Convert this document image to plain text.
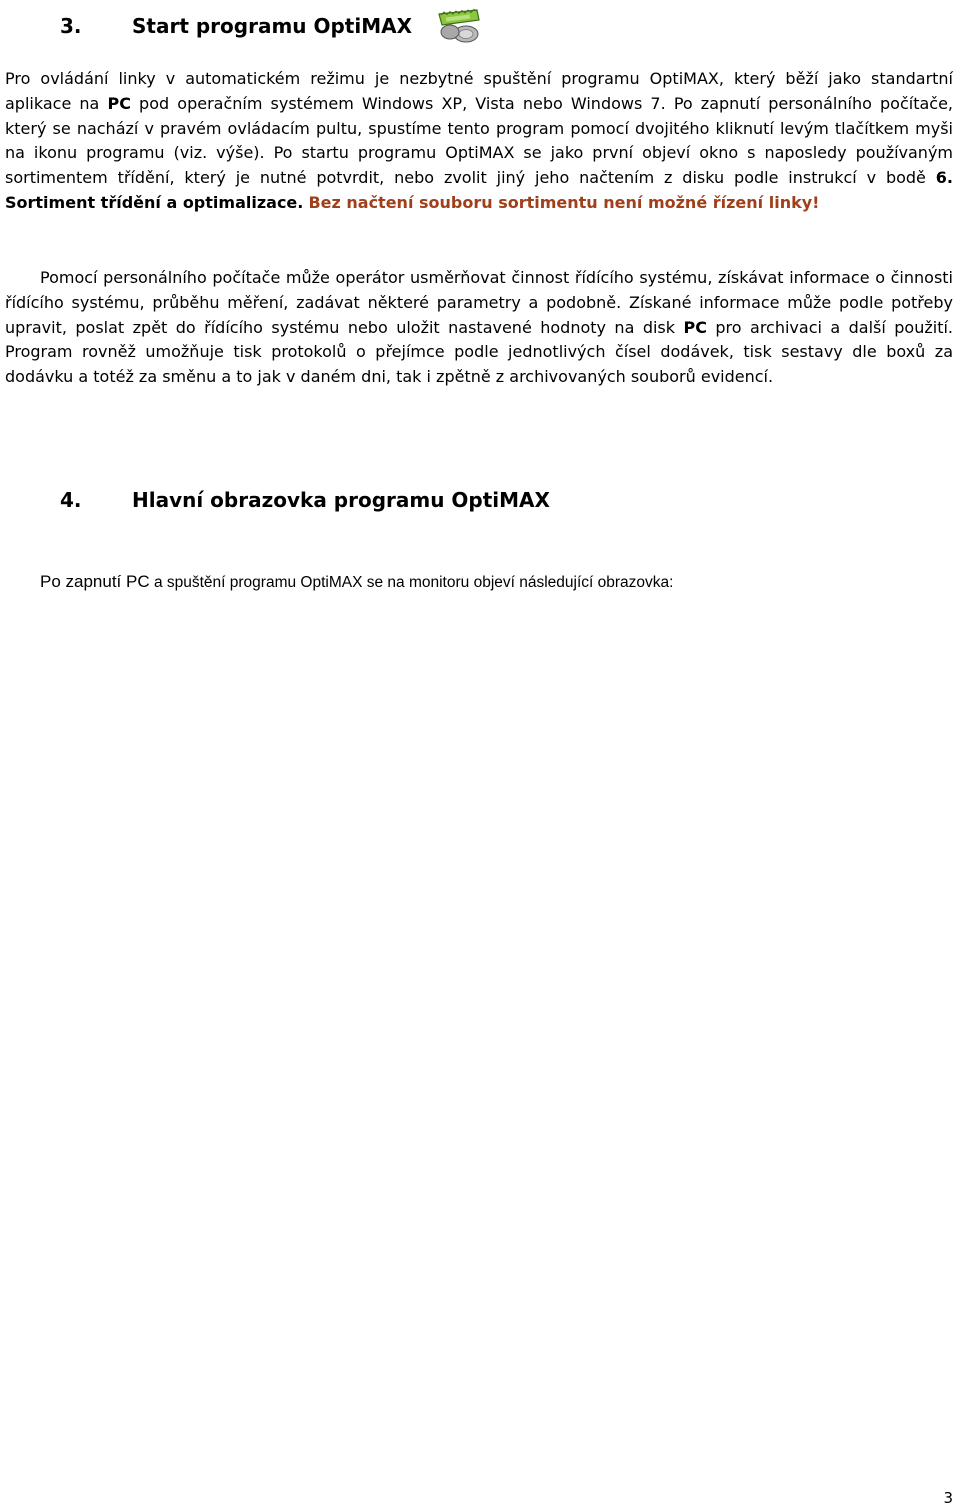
3.	Start programu OptiMAX

Pro ovládání linky v automatickém režimu je nezbytné spuštění programu OptiMAX, který běží jako standartní aplikace na PC pod operačním systémem Windows XP, Vista nebo Windows 7. Po zapnutí personálního počítače, který se nachází v pravém ovládacím pultu, spustíme tento program pomocí dvojitého kliknutí levým tlačítkem myši na ikonu programu (viz. výše). Po startu programu OptiMAX se jako první objeví okno s naposledy používaným sortimentem třídění, který je nutné potvrdit, nebo zvolit jiný jeho načtením z disku podle instrukcí v bodě 6. Sortiment třídění a optimalizace. Bez načtení souboru sortimentu není možné řízení linky!

Pomocí personálního počítače může operátor usměrňovat činnost řídícího systému, získávat informace o činnosti řídícího systému, průběhu měření, zadávat některé parametry a podobně. Získané informace může podle potřeby upravit, poslat zpět do řídícího systému nebo uložit nastavené hodnoty na disk PC pro archivaci a další použití. Program rovněž umožňuje tisk protokolů o přejímce podle jednotlivých čísel dodávek, tisk sestavy dle boxů za dodávku a totéž za směnu a to jak v daném dni, tak i zpětně z archivovaných souborů evidencí.

4.	Hlavní obrazovka programu OptiMAX

Po zapnutí PC a spuštění programu OptiMAX se na monitoru objeví následující obrazovka:

3
